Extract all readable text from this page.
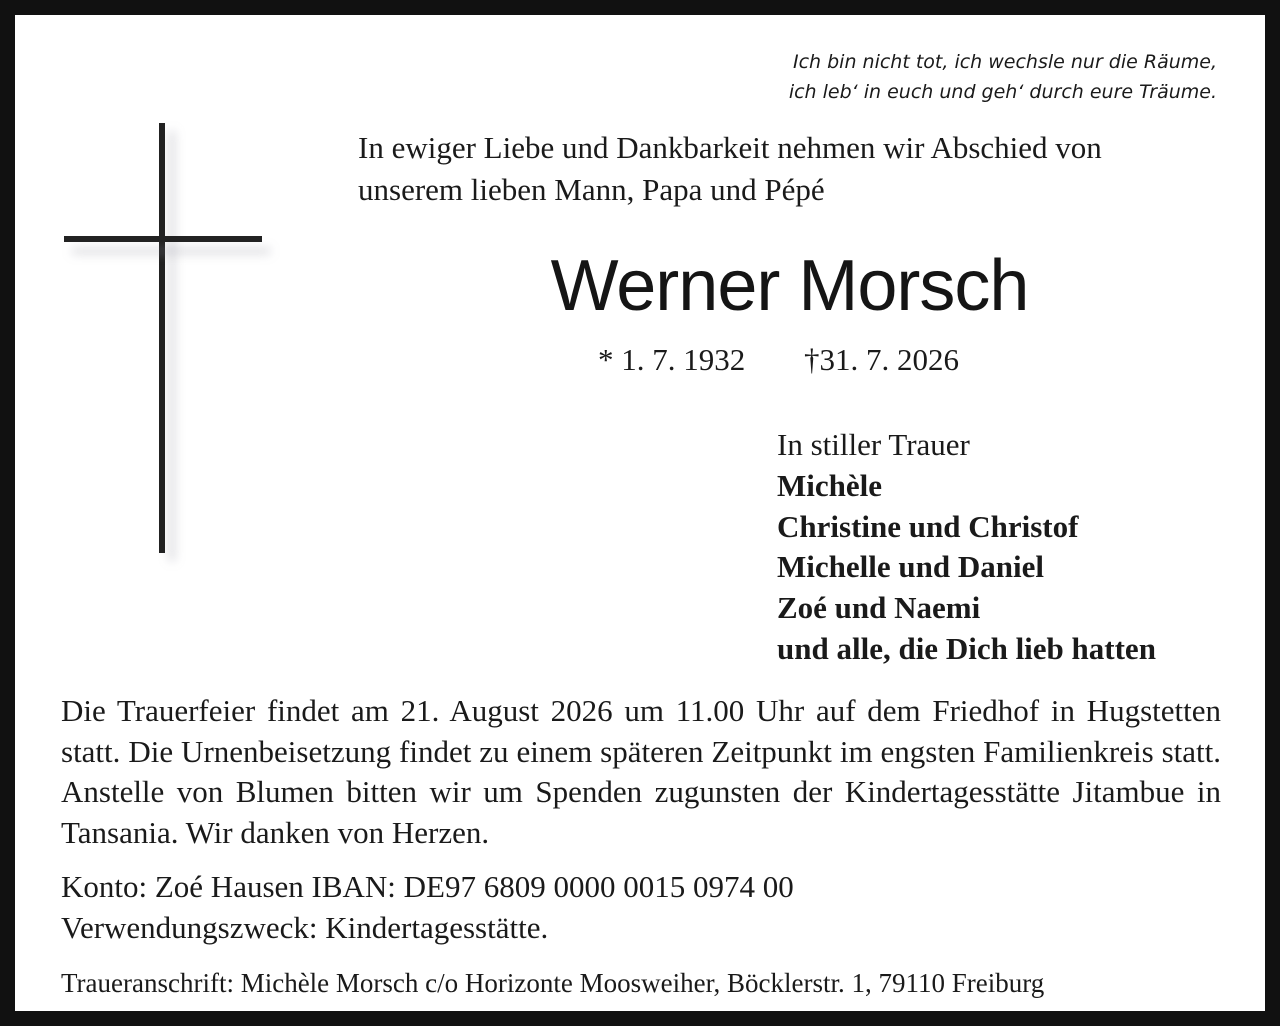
Ich bin nicht tot, ich wechsle nur die Räume,
ich leb‘ in euch und geh‘ durch eure Träume.
In ewiger Liebe und Dankbarkeit nehmen wir Abschied von
unserem lieben Mann, Papa und Pépé
Werner Morsch
* 1. 7. 1932 †31. 7. 2026
In stiller Trauer
Michèle
Christine und Christof
Michelle und Daniel
Zoé und Naemi
und alle, die Dich lieb hatten
Die Trauerfeier findet am 21. August 2026 um 11.00 Uhr auf dem Friedhof in Hugstetten statt. Die Urnenbeisetzung findet zu einem späteren Zeitpunkt im engsten Familienkreis statt. Anstelle von Blumen bitten wir um Spenden zugunsten der Kindertagesstätte Jitambue in Tansania. Wir danken von Herzen.
Konto: Zoé Hausen IBAN: DE97 6809 0000 0015 0974 00
Verwendungszweck: Kindertagesstätte.
Traueranschrift: Michèle Morsch c/o Horizonte Moosweiher, Böcklerstr. 1, 79110 Freiburg
